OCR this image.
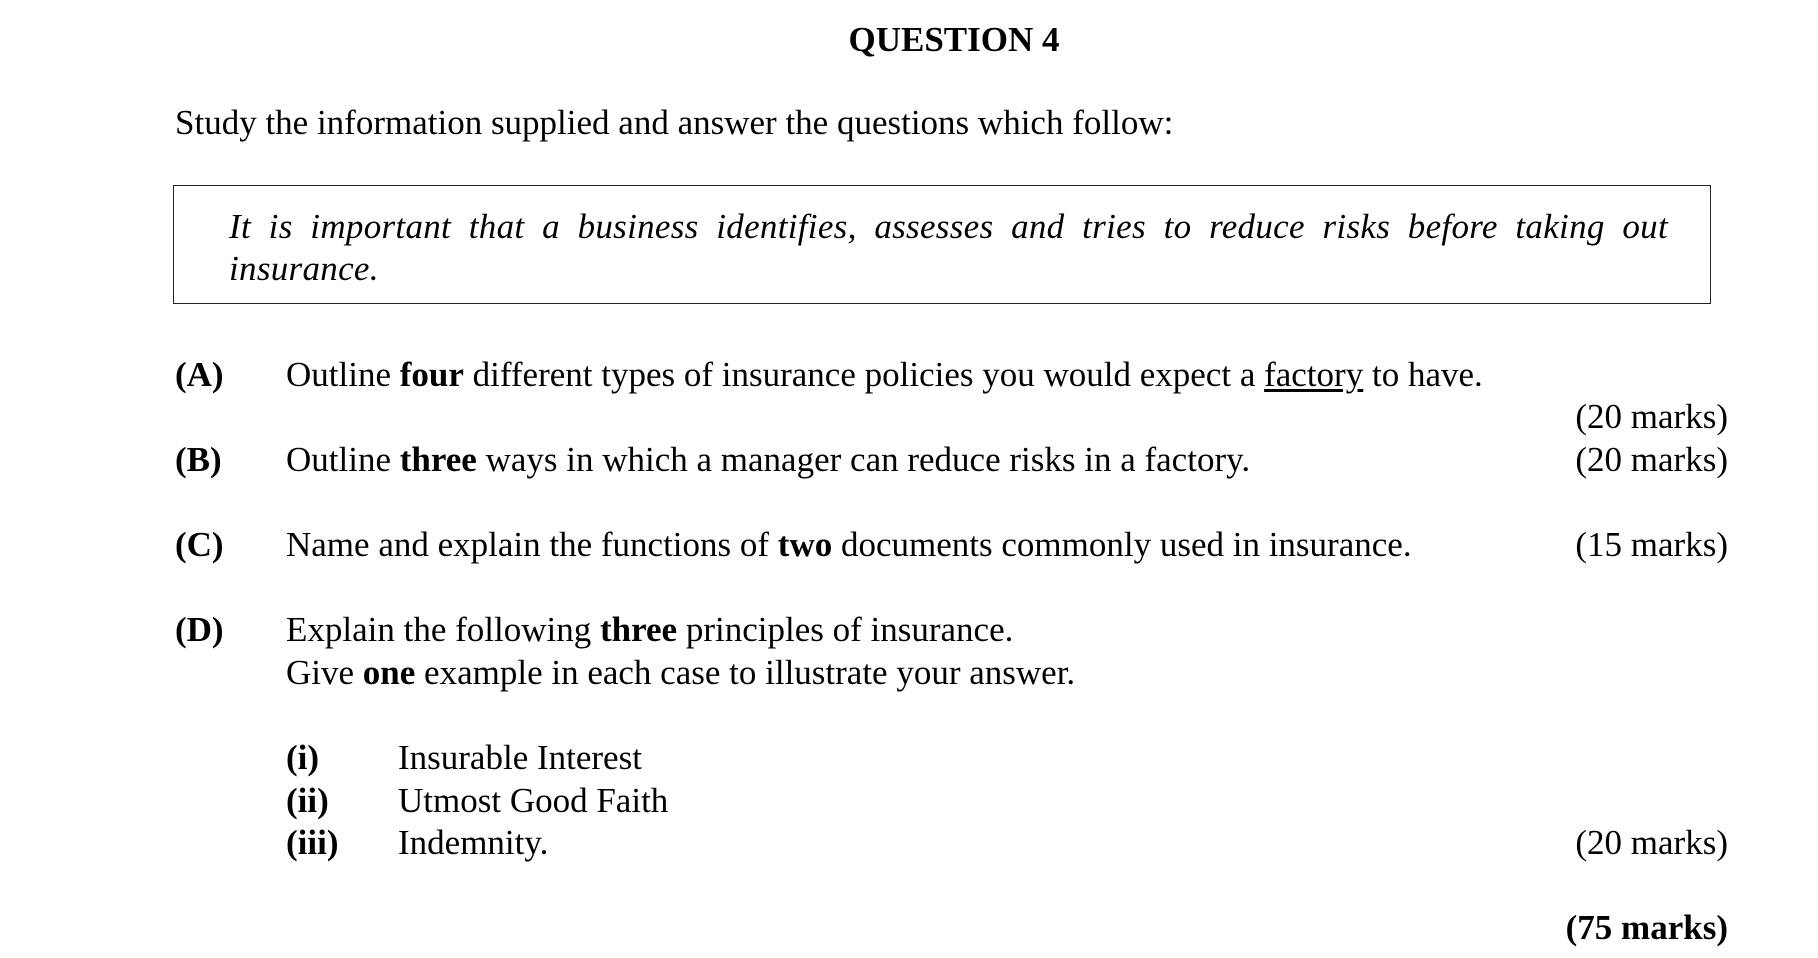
QUESTION 4
Study the information supplied and answer the questions which follow:
It is important that a business identifies, assesses and tries to reduce risks before taking out insurance.
(A) Outline four different types of insurance policies you would expect a factory to have.
(20 marks)
(B) Outline three ways in which a manager can reduce risks in a factory.	(20 marks)
(C) Name and explain the functions of two documents commonly used in insurance.	(15 marks)
(D) Explain the following three principles of insurance.
Give one example in each case to illustrate your answer.
(i) Insurable Interest
(ii) Utmost Good Faith
(iii) Indemnity.	(20 marks)
(75 marks)
